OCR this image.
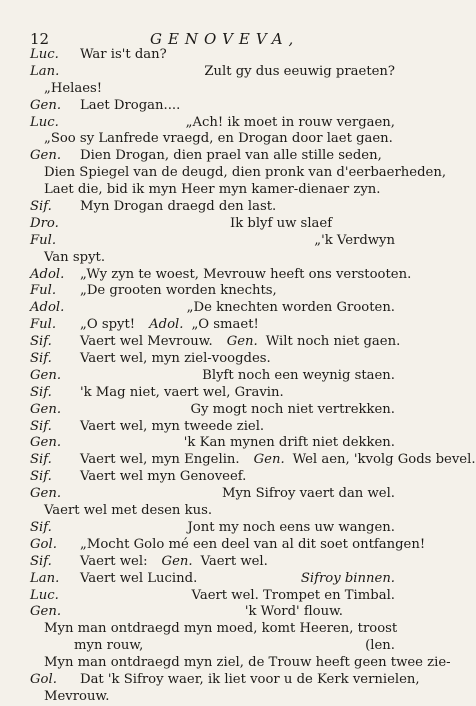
12	GENOVEVA,
Luc. War is't dan?
Lan.	Zult gy dus eeuwig praeten?
„Helaes!
Gen. Laet Drogan....
Luc.	„Ach! ik moet in rouw vergaen,
„Soo sy Lanfrede vraegd, en Drogan door laet gaen.
Gen. Dien Drogan, dien prael van alle stille seden,
Dien Spiegel van de deugd, dien pronk van d'eerbaerheden,
Laet die, bid ik myn Heer myn kamer-dienaer zyn.
Sif. Myn Drogan draegd den last.
Dro.	Ik blyf uw slaef
Ful.	„'k Verdwyn
Van spyt.
Adol. „Wy zyn te woest, Mevrouw heeft ons verstooten.
Ful. „De grooten worden knechts,
Adol.	„De knechten worden Grooten.
Ful. „O spyt! Adol. „O smaet!
Sif. Vaert wel Mevrouw. Gen. Wilt noch niet gaen.
Sif. Vaert wel, myn ziel-voogdes.
Gen.	Blyft noch een weynig staen.
Sif. 'k Mag niet, vaert wel, Gravin.
Gen.	Gy mogt noch niet vertrekken.
Sif. Vaert wel, myn tweede ziel.
Gen.	'k Kan mynen drift niet dekken.
Sif. Vaert wel, myn Engelin. Gen. Wel aen, 'kvolg Gods bevel.
Sif. Vaert wel myn Genoveef.
Gen.	Myn Sifroy vaert dan wel.
Vaert wel met desen kus.
Sif.	Jont my noch eens uw wangen.
Gol. „Mocht Golo mé een deel van al dit soet ontfangen!
Sif. Vaert wel: Gen. Vaert wel.
Lan. Vaert wel Lucind.	Sifroy binnen.
Luc.	Vaert wel. Trompet en Timbal.
Gen.	'k Word' flouw.
Myn man ontdraegd myn moed, komt Heeren, troost
myn rouw,	(len.
Myn man ontdraegd myn ziel, de Trouw heeft geen twee zie-
Gol. Dat 'k Sifroy waer, ik liet voor u de Kerk vernielen,
Mevrouw.
